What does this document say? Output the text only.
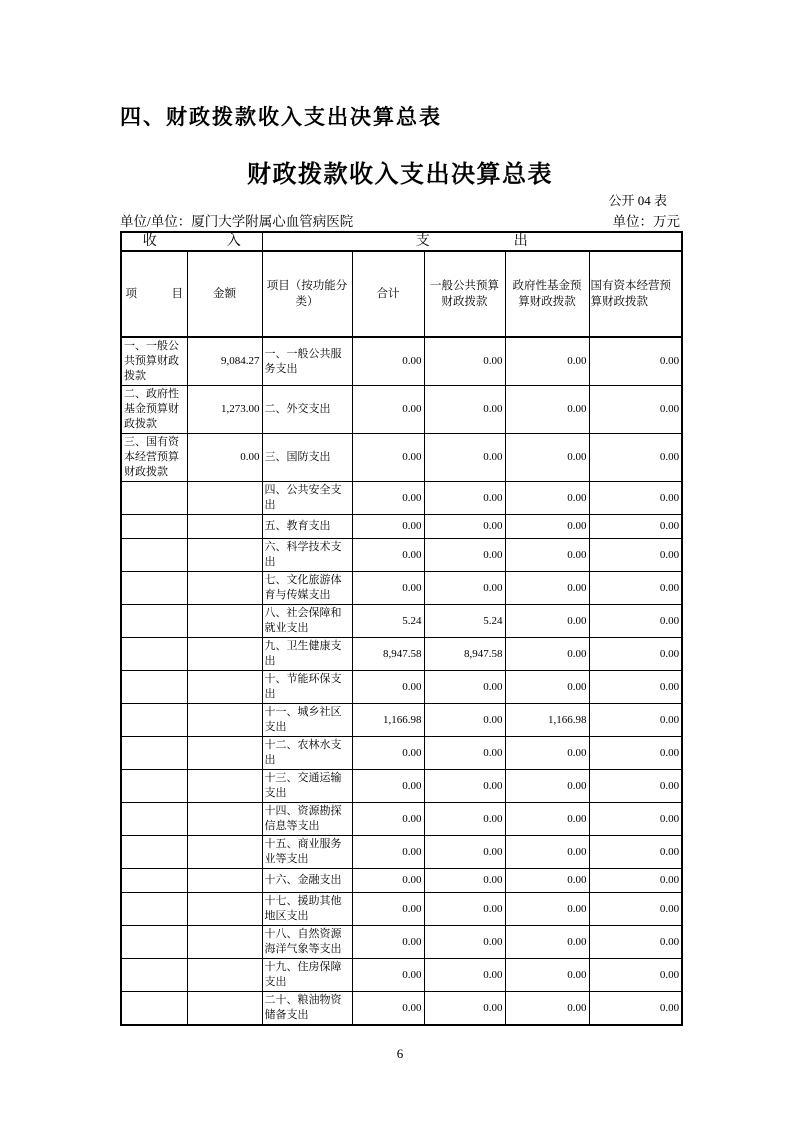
四、财政拨款收入支出决算总表
财政拨款收入支出决算总表
公开 04 表
单位/单位：厦门大学附属心血管病医院	单位：万元
收　　　　　入		支　　　　　　出				
项　　　目	金额	项目（按功能分类）	合计	一般公共预算财政拨款	政府性基金预算财政拨款	国有资本经营预算财政拨款
一、一般公共预算财政拨款	9,084.27	一、一般公共服务支出	0.00	0.00	0.00	0.00
二、政府性基金预算财政拨款	1,273.00	二、外交支出	0.00	0.00	0.00	0.00
三、国有资本经营预算财政拨款	0.00	三、国防支出	0.00	0.00	0.00	0.00
		四、公共安全支出	0.00	0.00	0.00	0.00
		五、教育支出	0.00	0.00	0.00	0.00
		六、科学技术支出	0.00	0.00	0.00	0.00
		七、文化旅游体育与传媒支出	0.00	0.00	0.00	0.00
		八、社会保障和就业支出	5.24	5.24	0.00	0.00
		九、卫生健康支出	8,947.58	8,947.58	0.00	0.00
		十、节能环保支出	0.00	0.00	0.00	0.00
		十一、城乡社区支出	1,166.98	0.00	1,166.98	0.00
		十二、农林水支出	0.00	0.00	0.00	0.00
		十三、交通运输支出	0.00	0.00	0.00	0.00
		十四、资源勘探信息等支出	0.00	0.00	0.00	0.00
		十五、商业服务业等支出	0.00	0.00	0.00	0.00
		十六、金融支出	0.00	0.00	0.00	0.00
		十七、援助其他地区支出	0.00	0.00	0.00	0.00
		十八、自然资源海洋气象等支出	0.00	0.00	0.00	0.00
		十九、住房保障支出	0.00	0.00	0.00	0.00
		二十、粮油物资储备支出	0.00	0.00	0.00	0.00
6
